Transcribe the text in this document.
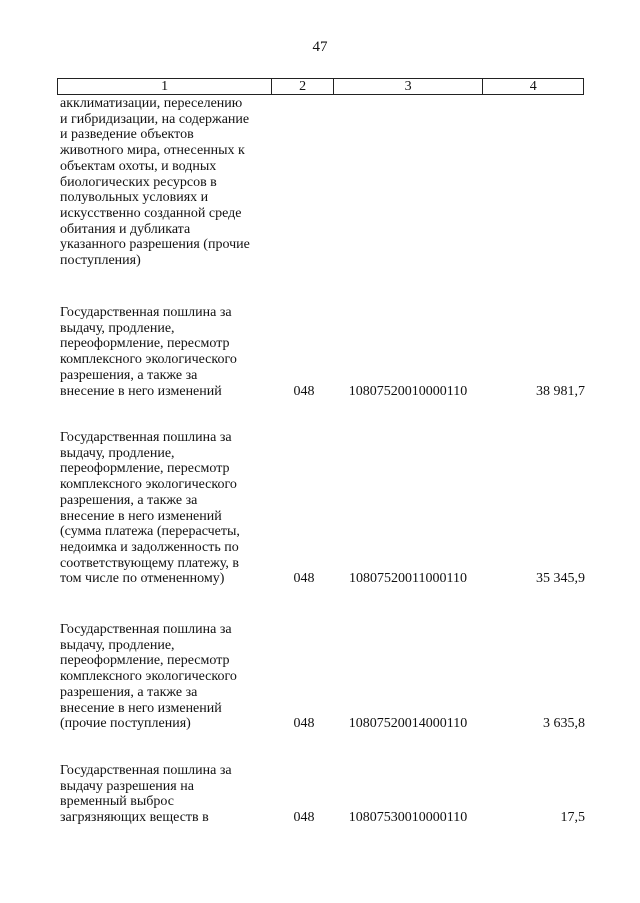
47
1	2	3	4
акклиматизации, переселению
и гибридизации, на содержание
и разведение объектов
животного мира, отнесенных к
объектам охоты, и водных
биологических ресурсов в
полувольных условиях и
искусственно созданной среде
обитания и дубликата
указанного разрешения (прочие
поступления)
Государственная пошлина за
выдачу, продление,
переоформление, пересмотр
комплексного экологического
разрешения, а также за
внесение в него изменений	048	10807520010000110	38 981,7
Государственная пошлина за
выдачу, продление,
переоформление, пересмотр
комплексного экологического
разрешения, а также за
внесение в него изменений
(сумма платежа (перерасчеты,
недоимка и задолженность по
соответствующему платежу, в
том числе по отмененному)	048	10807520011000110	35 345,9
Государственная пошлина за
выдачу, продление,
переоформление, пересмотр
комплексного экологического
разрешения, а также за
внесение в него изменений
(прочие поступления)	048	10807520014000110	3 635,8
Государственная пошлина за
выдачу разрешения на
временный выброс
загрязняющих веществ в	048	10807530010000110	17,5
